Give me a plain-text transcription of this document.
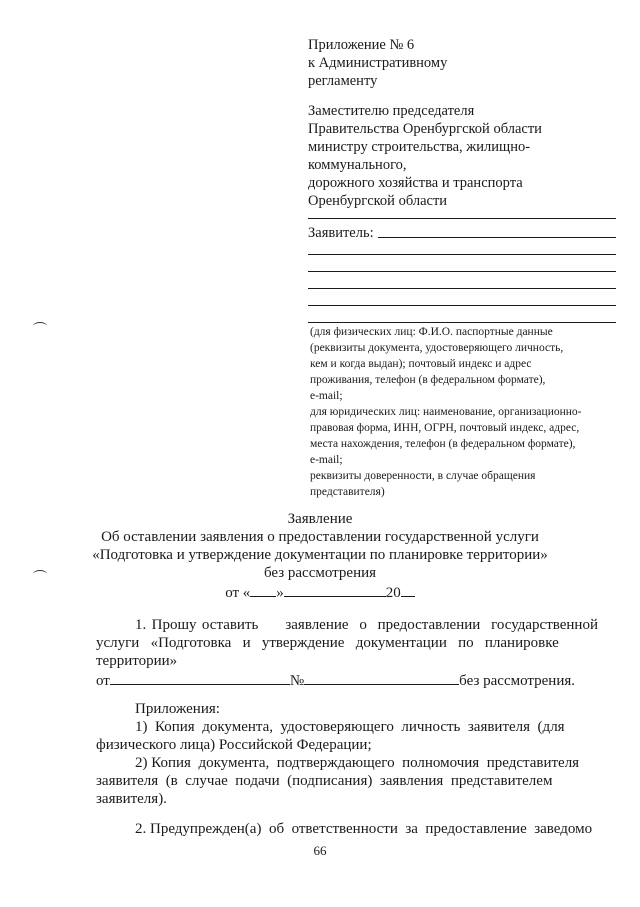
Приложение № 6
к Административному
регламенту
Заместителю председателя
Правительства Оренбургской области
министру строительства, жилищно-
коммунального,
дорожного хозяйства и транспорта
Оренбургской области
Заявитель:
(для физических лиц: Ф.И.О. паспортные данные
(реквизиты документа, удостоверяющего личность,
кем и когда выдан); почтовый индекс и адрес
проживания, телефон (в федеральном формате),
e-mail;
для юридических лиц: наименование, организационно-
правовая форма, ИНН, ОГРН, почтовый индекс, адрес,
места нахождения, телефон (в федеральном формате),
e-mail;
реквизиты доверенности, в случае обращения
представителя)
Заявление
Об оставлении заявления о предоставлении государственной услуги
«Подготовка и утверждение документации по планировке территории»
без рассмотрения
от « »	20
1. Прошу оставить     заявление  о  предоставлении  государственной
услуги   «Подготовка   и   утверждение   документации   по   планировке
территории»
от	№	без рассмотрения.
Приложения:
1)  Копия  документа,  удостоверяющего  личность  заявителя  (для
физического лица) Российской Федерации;
2) Копия  документа,  подтверждающего  полномочия  представителя
заявителя  (в  случае  подачи  (подписания)  заявления  представителем
заявителя).
2. Предупрежден(а)  об  ответственности  за  предоставление  заведомо
66
